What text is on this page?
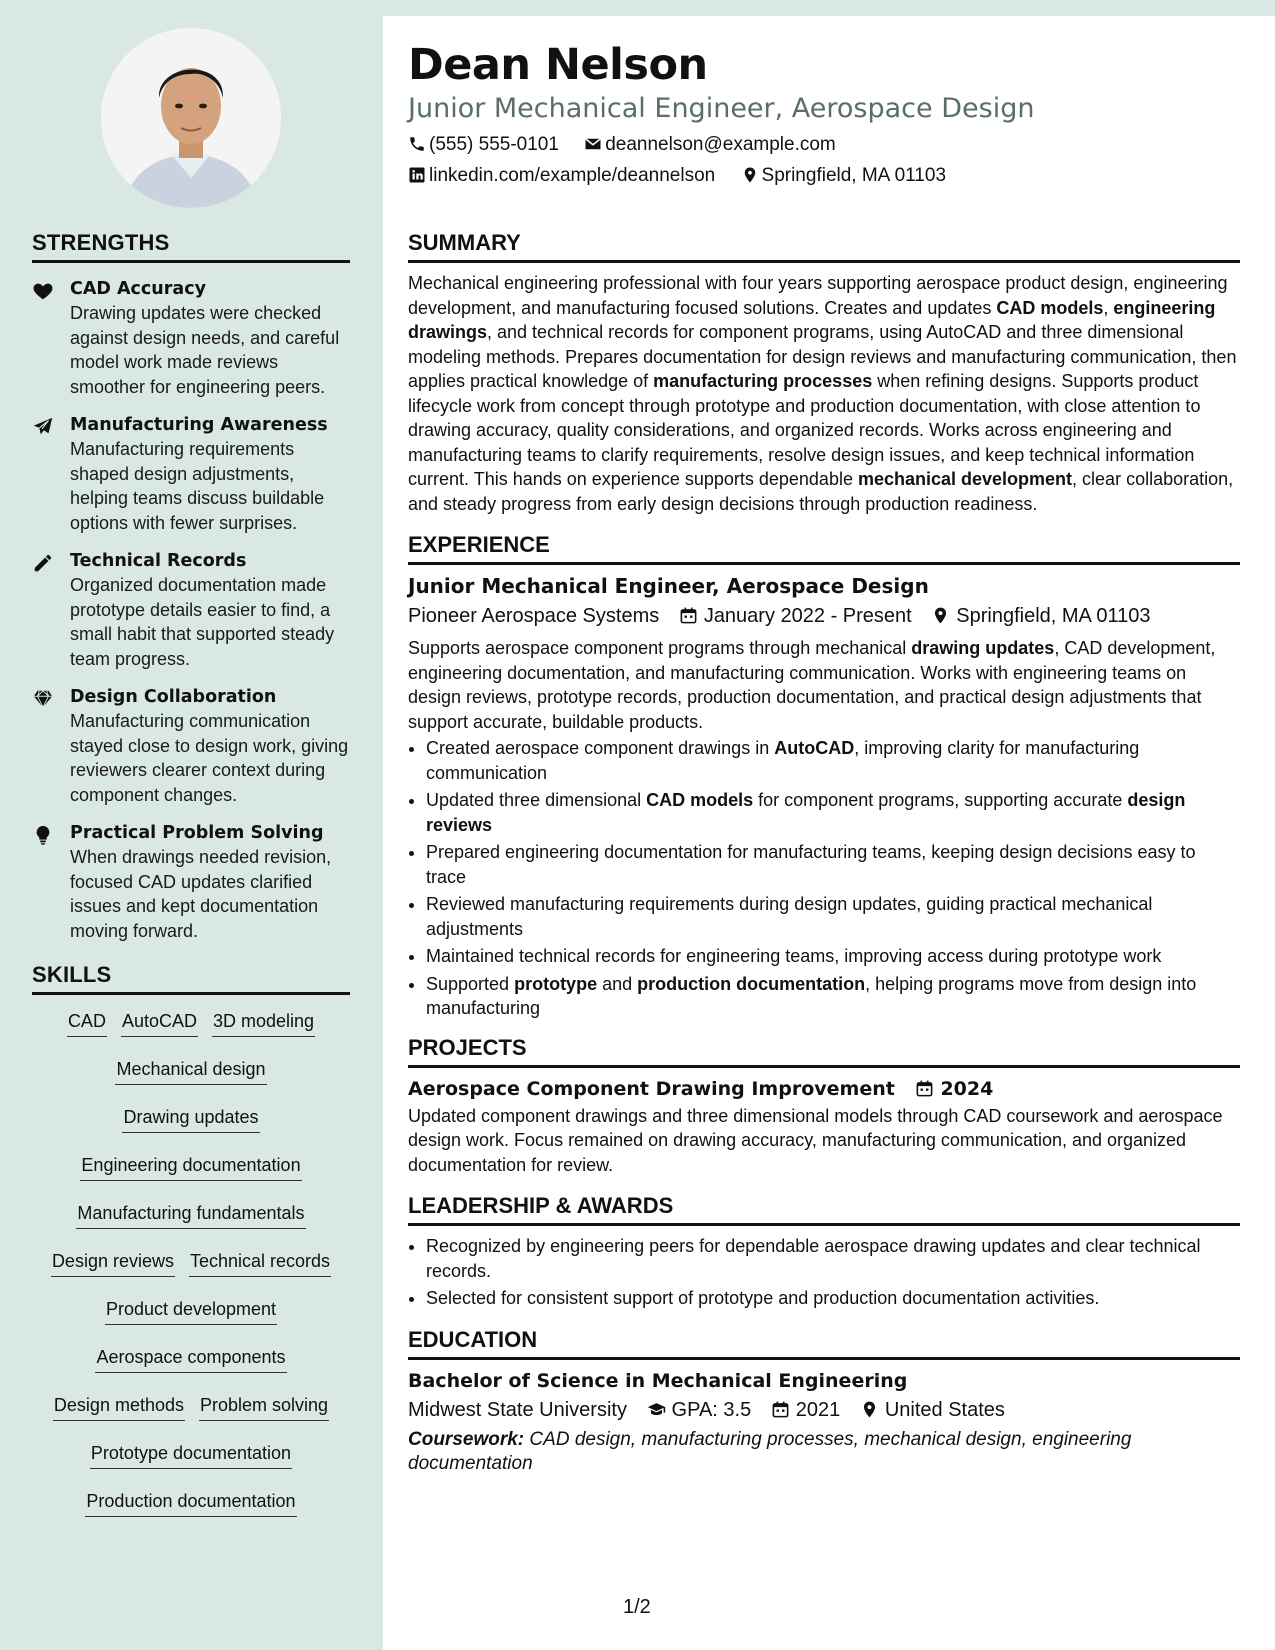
STRENGTHS
CAD Accuracy
Drawing updates were checked against design needs, and careful model work made reviews smoother for engineering peers.
Manufacturing Awareness
Manufacturing requirements shaped design adjustments, helping teams discuss buildable options with fewer surprises.
Technical Records
Organized documentation made prototype details easier to find, a small habit that supported steady team progress.
Design Collaboration
Manufacturing communication stayed close to design work, giving reviewers clearer context during component changes.
Practical Problem Solving
When drawings needed revision, focused CAD updates clarified issues and kept documentation moving forward.
SKILLS
CAD AutoCAD 3D modeling
Mechanical design
Drawing updates
Engineering documentation
Manufacturing fundamentals
Design reviews Technical records
Product development
Aerospace components
Design methods Problem solving
Prototype documentation
Production documentation
Dean Nelson
Junior Mechanical Engineer, Aerospace Design
(555) 555-0101 deannelson@example.com
linkedin.com/example/deannelson Springfield, MA 01103
SUMMARY

Mechanical engineering professional with four years supporting aerospace product design, engineering development, and manufacturing focused solutions. Creates and updates CAD models, engineering drawings, and technical records for component programs, using AutoCAD and three dimensional modeling methods. Prepares documentation for design reviews and manufacturing communication, then applies practical knowledge of manufacturing processes when refining designs. Supports product lifecycle work from concept through prototype and production documentation, with close attention to drawing accuracy, quality considerations, and organized records. Works across engineering and manufacturing teams to clarify requirements, resolve design issues, and keep technical information current. This hands on experience supports dependable mechanical development, clear collaboration, and steady progress from early design decisions through production readiness.

EXPERIENCE
Junior Mechanical Engineer, Aerospace Design
Pioneer Aerospace Systems January 2022 - Present Springfield, MA 01103

Supports aerospace component programs through mechanical drawing updates, CAD development, engineering documentation, and manufacturing communication. Works with engineering teams on design reviews, prototype records, production documentation, and practical design adjustments that support accurate, buildable products.

• Created aerospace component drawings in AutoCAD, improving clarity for manufacturing communication
• Updated three dimensional CAD models for component programs, supporting accurate design reviews
• Prepared engineering documentation for manufacturing teams, keeping design decisions easy to trace
• Reviewed manufacturing requirements during design updates, guiding practical mechanical adjustments
• Maintained technical records for engineering teams, improving access during prototype work
• Supported prototype and production documentation, helping programs move from design into manufacturing
PROJECTS
Aerospace Component Drawing Improvement 2024

Updated component drawings and three dimensional models through CAD coursework and aerospace design work. Focus remained on drawing accuracy, manufacturing communication, and organized documentation for review.

LEADERSHIP & AWARDS
• Recognized by engineering peers for dependable aerospace drawing updates and clear technical records.
• Selected for consistent support of prototype and production documentation activities.
EDUCATION
Bachelor of Science in Mechanical Engineering
Midwest State University GPA: 3.5 2021 United States

Coursework: CAD design, manufacturing processes, mechanical design, engineering documentation

1/2
